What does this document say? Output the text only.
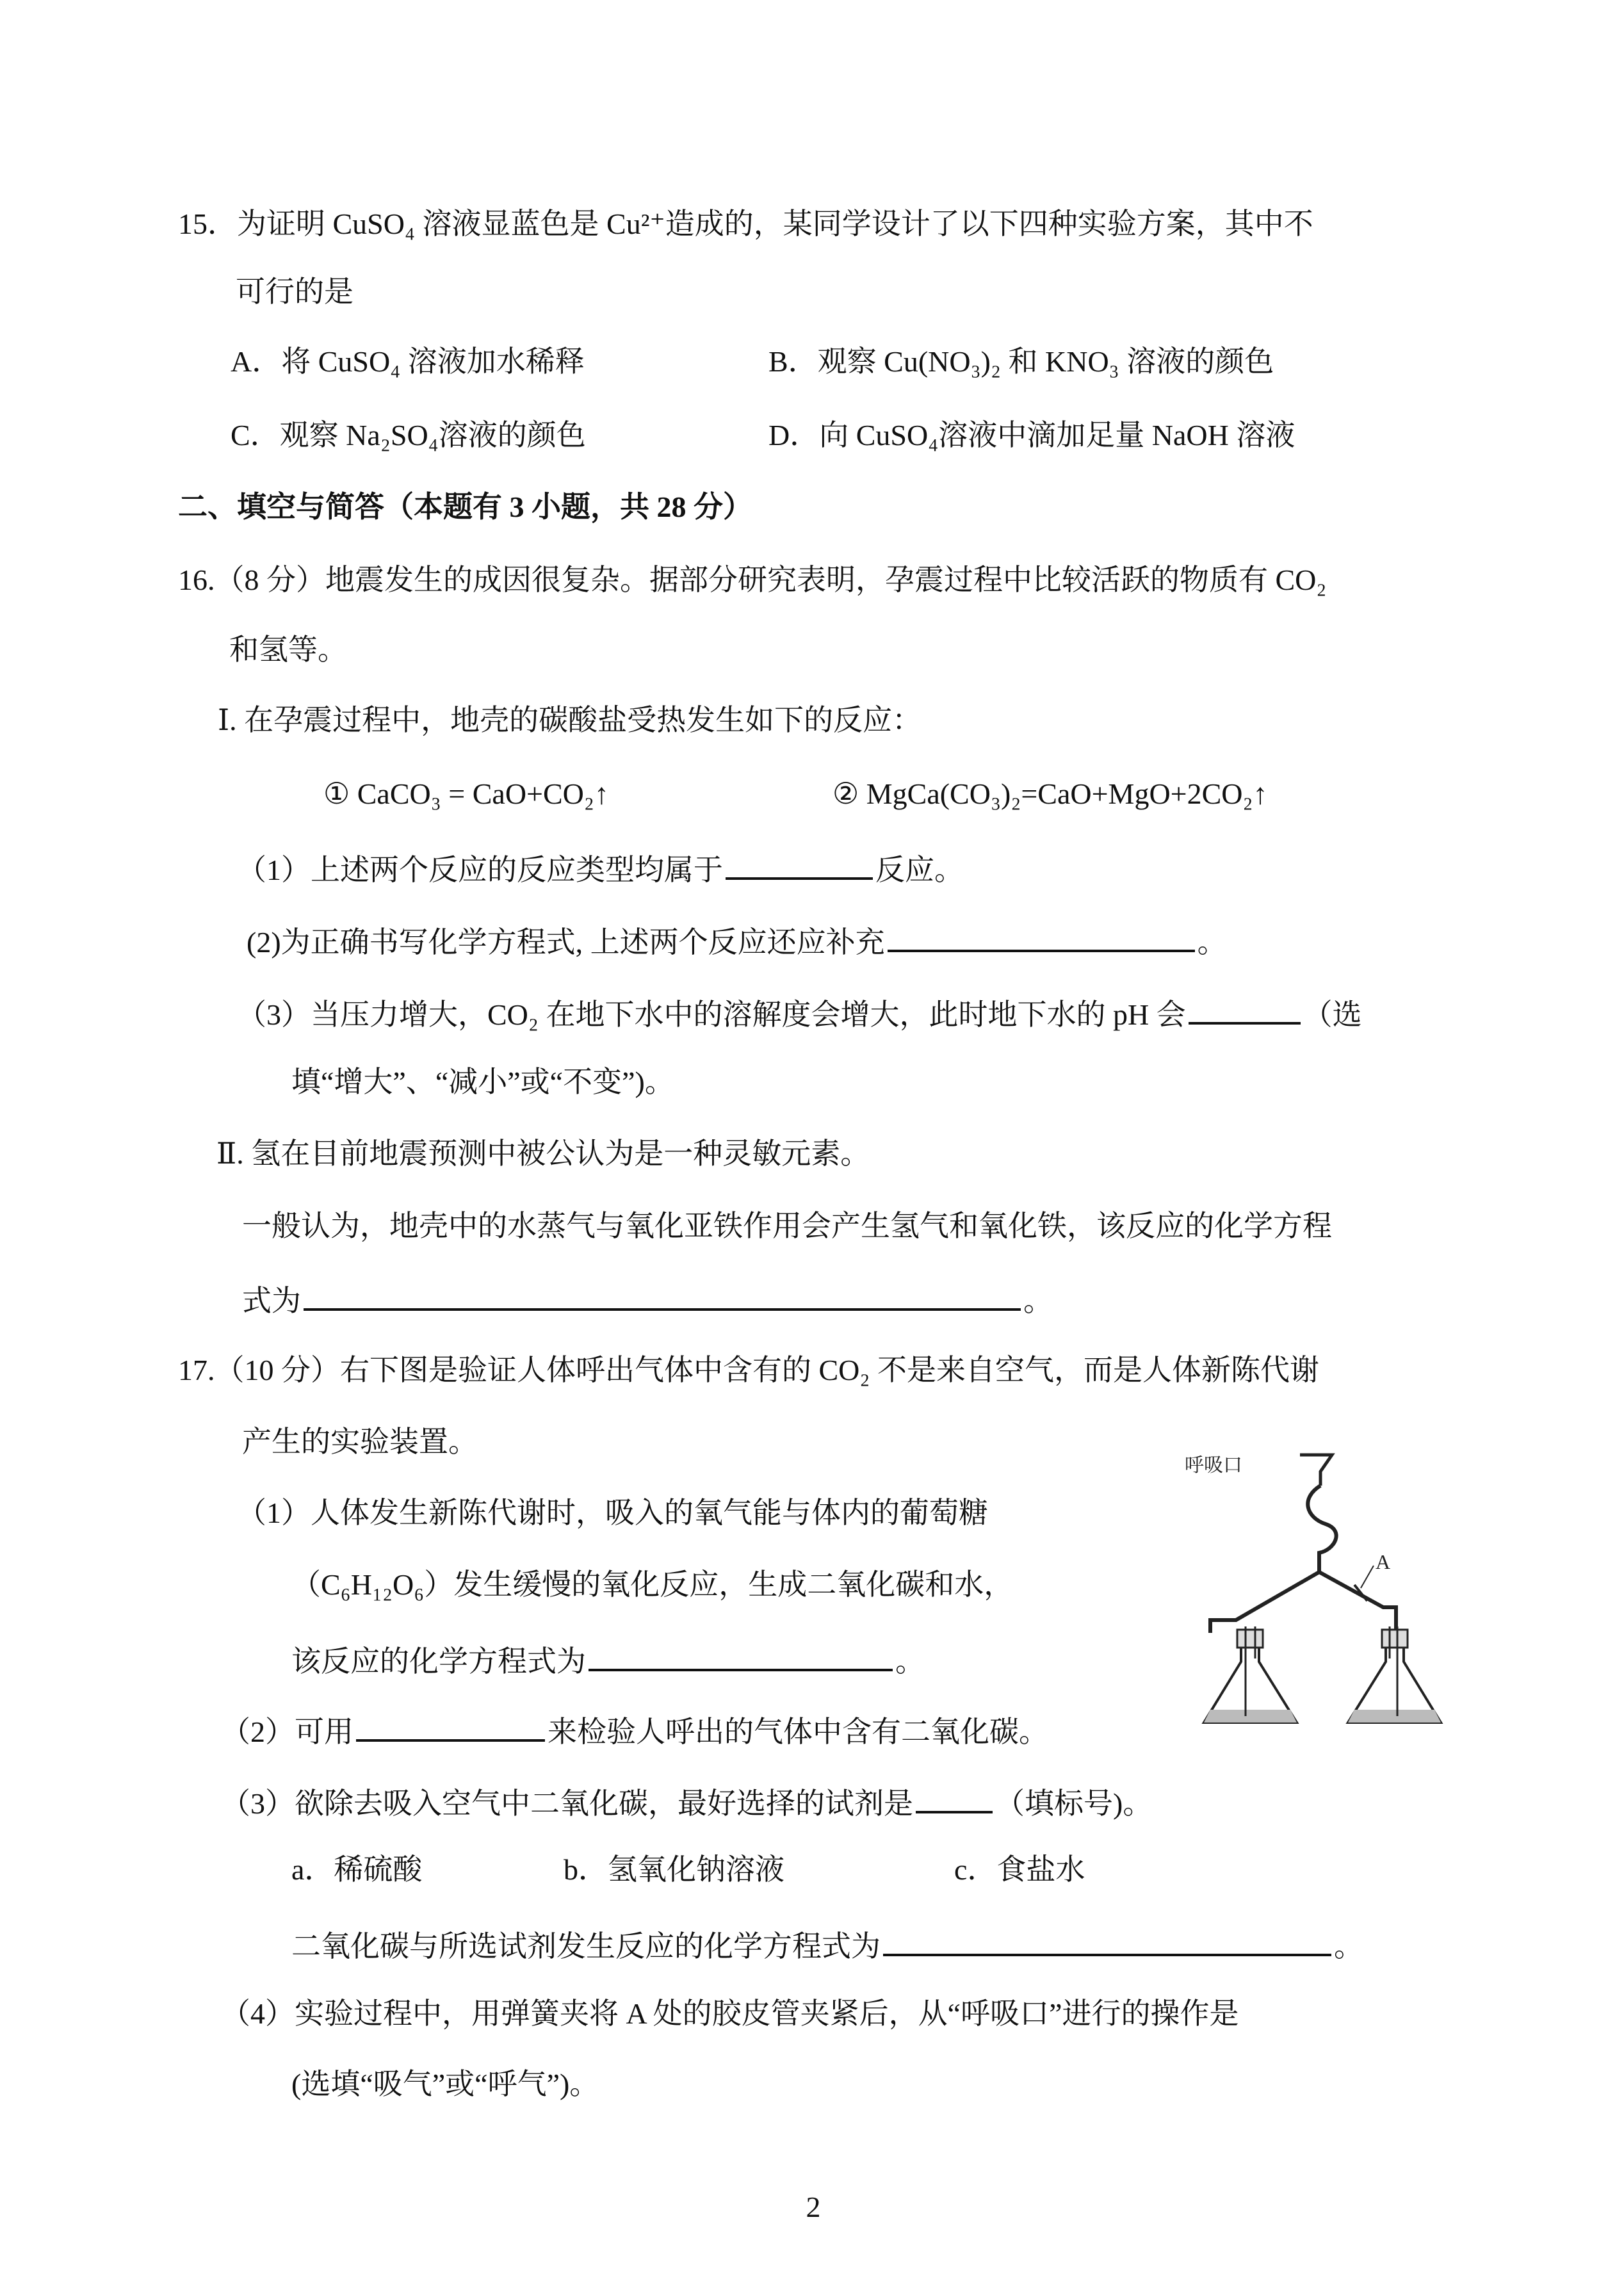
15．为证明 CuSO₄ 溶液显蓝色是 Cu²⁺造成的，某同学设计了以下四种实验方案，其中不
可行的是
A．将 CuSO₄ 溶液加水稀释	B．观察 Cu(NO₃)₂ 和 KNO₃ 溶液的颜色
C．观察 Na₂SO₄溶液的颜色	D．向 CuSO₄溶液中滴加足量 NaOH 溶液
二、填空与简答（本题有 3 小题，共 28 分）
16.（8 分）地震发生的成因很复杂。据部分研究表明，孕震过程中比较活跃的物质有 CO₂
和氢等。
Ⅰ. 在孕震过程中，地壳的碳酸盐受热发生如下的反应：
① CaCO₃ = CaO+CO₂↑	② MgCa(CO₃)₂=CaO+MgO+2CO₂↑
（1）上述两个反应的反应类型均属于	反应。
(2)为正确书写化学方程式, 上述两个反应还应补充	。
（3）当压力增大，CO₂ 在地下水中的溶解度会增大，此时地下水的 pH 会	（选
填“增大”、“减小”或“不变”)。
Ⅱ. 氢在目前地震预测中被公认为是一种灵敏元素。
一般认为，地壳中的水蒸气与氧化亚铁作用会产生氢气和氧化铁，该反应的化学方程
式为	。
17.（10 分）右下图是验证人体呼出气体中含有的 CO₂ 不是来自空气，而是人体新陈代谢
产生的实验装置。
（1）人体发生新陈代谢时，吸入的氧气能与体内的葡萄糖
（C₆H₁₂O₆）发生缓慢的氧化反应，生成二氧化碳和水，
该反应的化学方程式为	。
（2）可用	来检验人呼出的气体中含有二氧化碳。
（3）欲除去吸入空气中二氧化碳，最好选择的试剂是	（填标号)。
a．稀硫酸	b．氢氧化钠溶液	c．食盐水
二氧化碳与所选试剂发生反应的化学方程式为	。
（4）实验过程中，用弹簧夹将 A 处的胶皮管夹紧后，从“呼吸口”进行的操作是
(选填“吸气”或“呼气”)。
呼吸口
A
2
